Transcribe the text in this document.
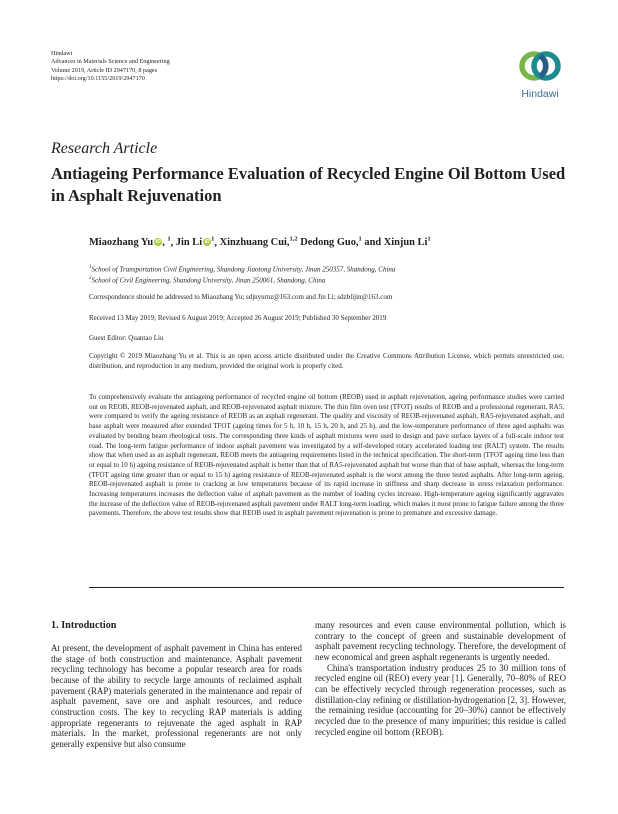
Hindawi
Advances in Materials Science and Engineering
Volume 2019, Article ID 2947170, 8 pages
https://doi.org/10.1155/2019/2947170
Hindawi
Research Article
Antiageing Performance Evaluation of Recycled Engine Oil Bottom Used in Asphalt Rejuvenation
Miaozhang Yu iD , $^1$, Jin Li iD $^1$, Xinzhuang Cui,$^{1,2}$ Dedong Guo,$^1$ and Xinjun Li$^1$
$^1$School of Transportation Civil Engineering, Shandong Jiaotong University, Jinan 250357, Shandong, China
$^2$School of Civil Engineering, Shandong University, Jinan 250061, Shandong, China
Correspondence should be addressed to Miaozhang Yu; sdjnyumz@163.com and Jin Li; sdzblijin@163.com
Received 13 May 2019; Revised 6 August 2019; Accepted 26 August 2019; Published 30 September 2019
Guest Editor: Quantao Liu
Copyright © 2019 Miaozhang Yu et al. This is an open access article distributed under the Creative Commons Attribution License, which permits unrestricted use, distribution, and reproduction in any medium, provided the original work is properly cited.
To comprehensively evaluate the antiageing performance of recycled engine oil bottom (REOB) used in asphalt rejuvenation, ageing performance studies were carried out on REOB, REOB-rejuvenated asphalt, and REOB-rejuvenated asphalt mixture. The thin film oven test (TFOT) results of REOB and a professional regenerant, RA5, were compared to verify the ageing resistance of REOB as an asphalt regenerant. The quality and viscosity of REOB-rejuvenated asphalt, RA5-rejuvenated asphalt, and base asphalt were measured after extended TFOT (ageing times for 5 h, 10 h, 15 h, 20 h, and 25 h), and the low-temperature performance of three aged asphalts was evaluated by bending beam rheological tests. The corresponding three kinds of asphalt mixtures were used to design and pave surface layers of a full-scale indoor test road. The long-term fatigue performance of indoor asphalt pavement was investigated by a self-developed rotary accelerated loading test (RALT) system. The results show that when used as an asphalt regenerant, REOB meets the antiageing requirements listed in the technical specification. The short-term (TFOT ageing time less than or equal to 10 h) ageing resistance of REOB-rejuvenated asphalt is better than that of RA5-rejuvenated asphalt but worse than that of base asphalt, whereas the long-term (TFOT ageing time greater than or equal to 15 h) ageing resistance of REOB-rejuvenated asphalt is the worst among the three tested asphalts. After long-term ageing, REOB-rejuvenated asphalt is prone to cracking at low temperatures because of its rapid increase in stiffness and sharp decrease in stress relaxation performance. Increasing temperatures increases the deflection value of asphalt pavement as the number of loading cycles increase. High-temperature ageing significantly aggravates the increase of the deflection value of REOB-rejuvenated asphalt pavement under RALT long-term loading, which makes it most prone to fatigue failure among the three pavements. Therefore, the above test results show that REOB used in asphalt pavement rejuvenation is prone to premature and excessive damage.
1. Introduction

At present, the development of asphalt pavement in China has entered the stage of both construction and maintenance. Asphalt pavement recycling technology has become a popular research area for roads because of the ability to recycle large amounts of reclaimed asphalt pavement (RAP) materials generated in the maintenance and repair of asphalt pavement, save ore and asphalt resources, and reduce construction costs. The key to recycling RAP materials is adding appropriate regenerants to rejuvenate the aged asphalt in RAP materials. In the market, professional regenerants are not only generally expensive but also consume

many resources and even cause environmental pollution, which is contrary to the concept of green and sustainable development of asphalt pavement recycling technology. Therefore, the development of new economical and green asphalt regenerants is urgently needed.

China's transportation industry produces 25 to 30 million tons of recycled engine oil (REO) every year [1]. Generally, 70–80% of REO can be effectively recycled through regeneration processes, such as distillation-clay refining or distillation-hydrogenation [2, 3]. However, the remaining residue (accounting for 20–30%) cannot be effectively recycled due to the presence of many impurities; this residue is called recycled engine oil bottom (REOB).
